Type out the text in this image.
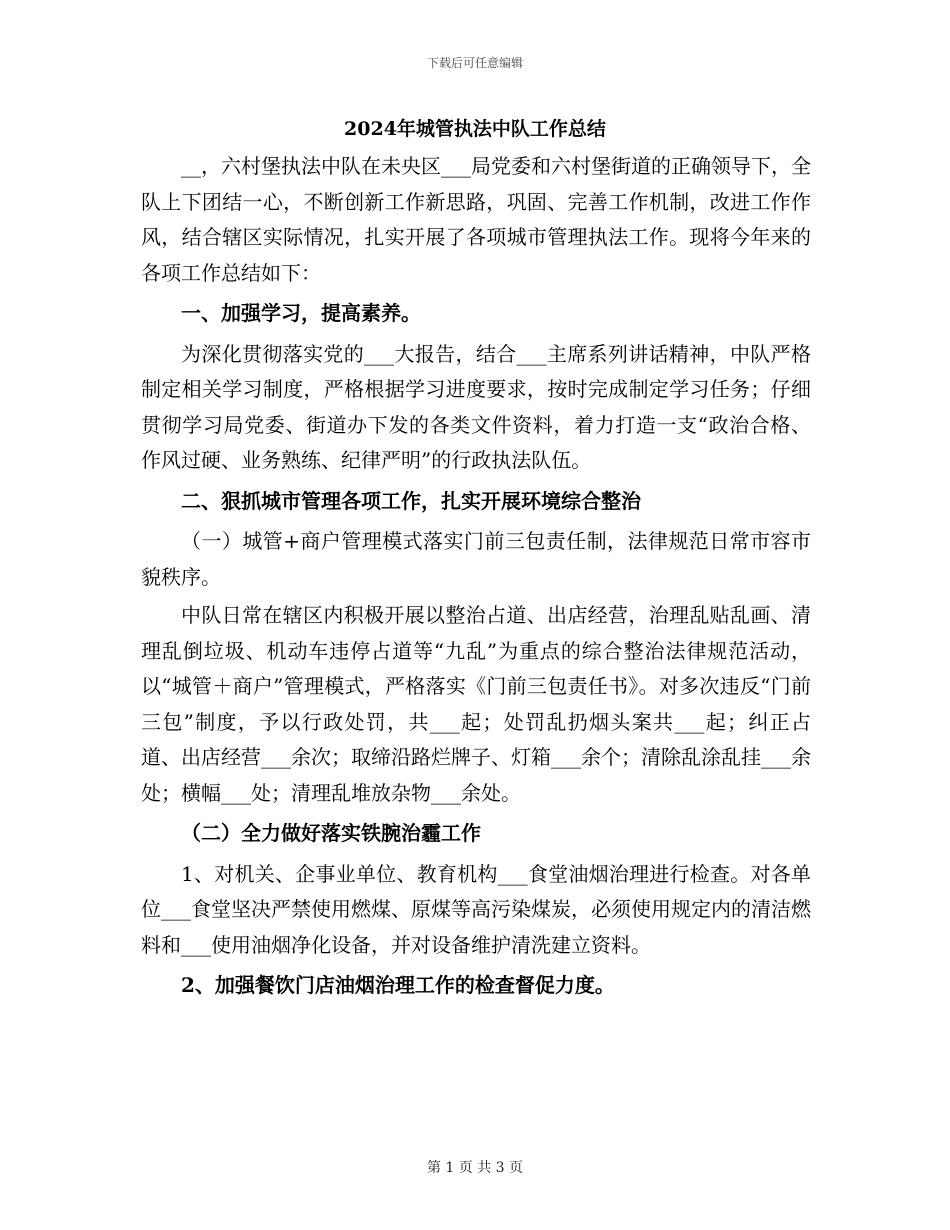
下载后可任意编辑
2024年城管执法中队工作总结

__，六村堡执法中队在未央区___局党委和六村堡街道的正确领导下，全队上下团结一心，不断创新工作新思路，巩固、完善工作机制，改进工作作风，结合辖区实际情况，扎实开展了各项城市管理执法工作。现将今年来的各项工作总结如下：

一、加强学习，提高素养。

为深化贯彻落实党的___大报告，结合___主席系列讲话精神，中队严格制定相关学习制度，严格根据学习进度要求，按时完成制定学习任务；仔细贯彻学习局党委、街道办下发的各类文件资料，着力打造一支“政治合格、作风过硬、业务熟练、纪律严明”的行政执法队伍。

二、狠抓城市管理各项工作，扎实开展环境综合整治

（一）城管+商户管理模式落实门前三包责任制，法律规范日常市容市貌秩序。

中队日常在辖区内积极开展以整治占道、出店经营，治理乱贴乱画、清理乱倒垃圾、机动车违停占道等“九乱”为重点的综合整治法律规范活动，以“城管＋商户”管理模式，严格落实《门前三包责任书》。对多次违反“门前三包”制度，予以行政处罚，共___起；处罚乱扔烟头案共___起；纠正占道、出店经营___余次；取缔沿路烂牌子、灯箱___余个；清除乱涂乱挂___余处；横幅___处；清理乱堆放杂物___余处。

（二）全力做好落实铁腕治霾工作

1、对机关、企事业单位、教育机构___食堂油烟治理进行检查。对各单位___食堂坚决严禁使用燃煤、原煤等高污染煤炭，必须使用规定内的清洁燃料和___使用油烟净化设备，并对设备维护清洗建立资料。

2、加强餐饮门店油烟治理工作的检查督促力度。

第 1 页 共 3 页
